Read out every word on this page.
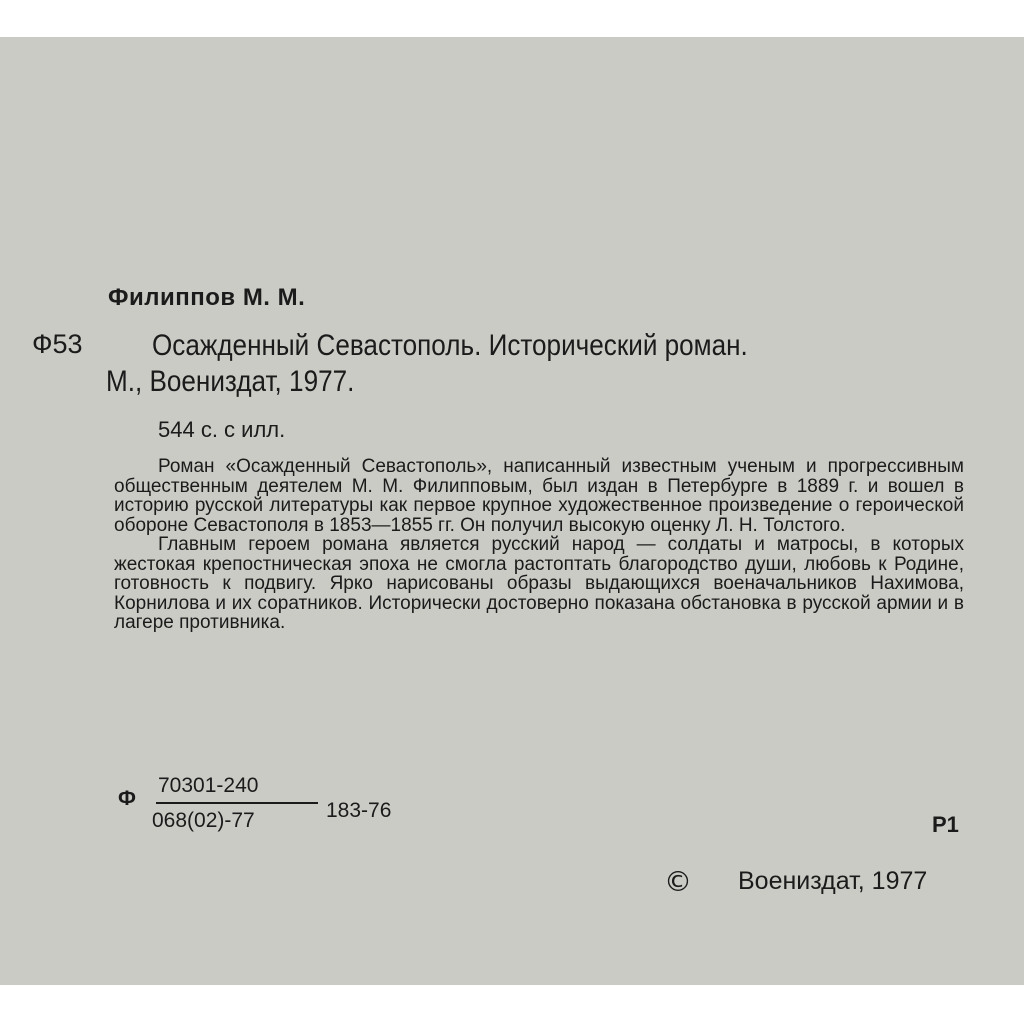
Филиппов М. М.
Ф53 Осажденный Севастополь. Исторический роман.
М., Воениздат, 1977.
544 с. с илл.

Роман «Осажденный Севастополь», написанный известным ученым и прогрессивным общественным деятелем М. М. Филипповым, был издан в Петербурге в 1889 г. и вошел в историю русской литературы как первое крупное художественное произведение о героической обороне Севастополя в 1853—1855 гг. Он получил высокую оценку Л. Н. Толстого.

Главным героем романа является русский народ — солдаты и матросы, в которых жестокая крепостническая эпоха не смогла растоптать благородство души, любовь к Родине, готовность к подвигу. Ярко нарисованы образы выдающихся военачальников Нахимова, Корнилова и их соратников. Исторически достоверно показана обстановка в русской армии и в лагере противника.

Ф
70301-240
068(02)-77	183-76
Р1
© Воениздат, 1977
